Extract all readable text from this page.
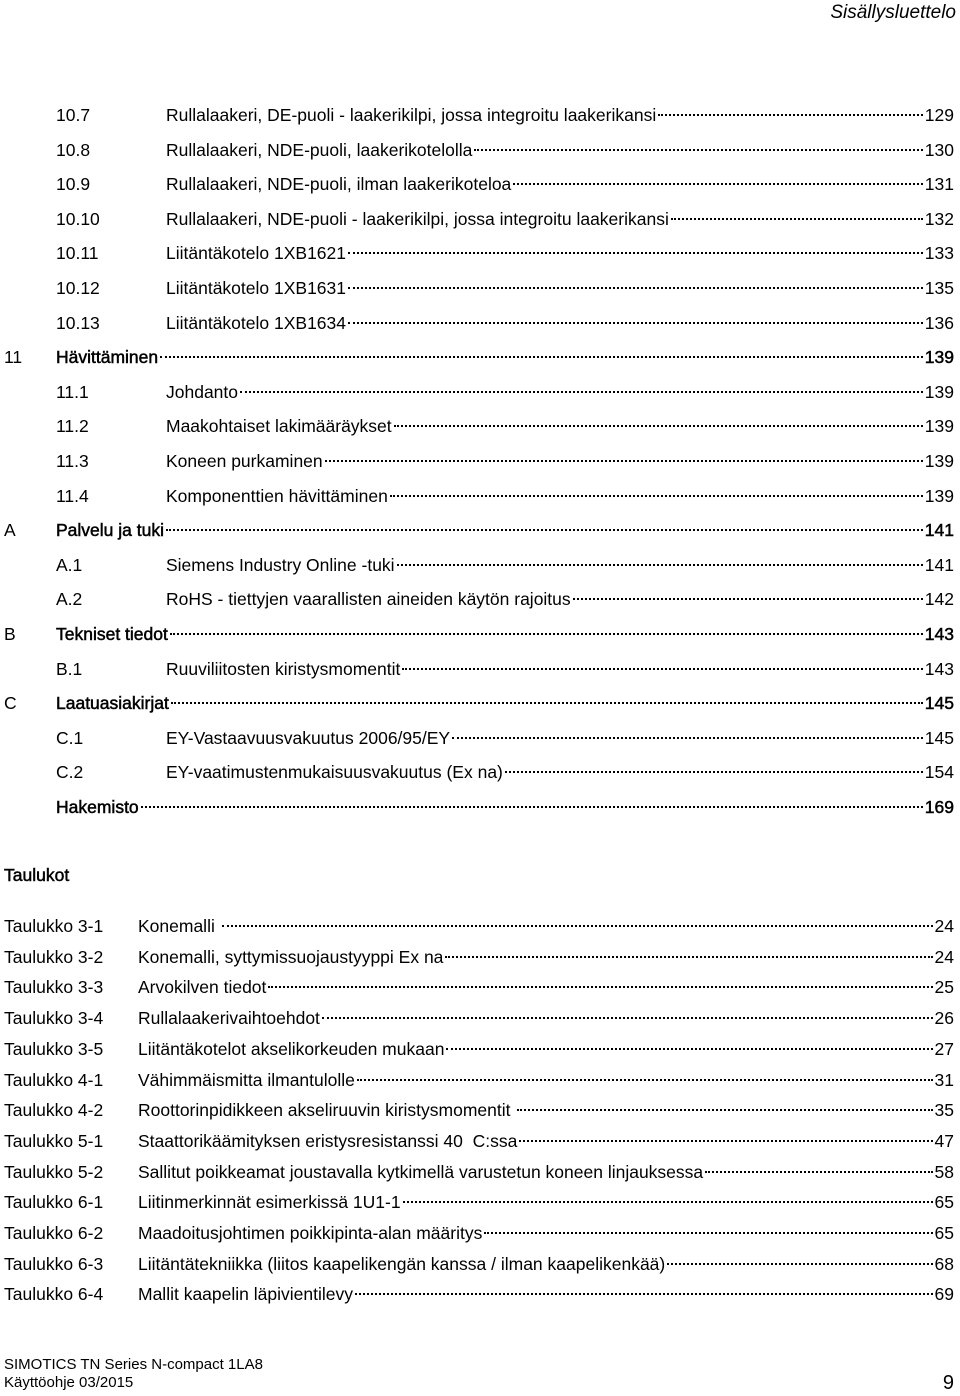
Sisällysluettelo
10.7	Rullalaakeri, DE-puoli - laakerikilpi, jossa integroitu laakerikansi	129
10.8	Rullalaakeri, NDE-puoli, laakerikotelolla	130
10.9	Rullalaakeri, NDE-puoli, ilman laakerikoteloa	131
10.10	Rullalaakeri, NDE-puoli - laakerikilpi, jossa integroitu laakerikansi	132
10.11	Liitäntäkotelo 1XB1621	133
10.12	Liitäntäkotelo 1XB1631	135
10.13	Liitäntäkotelo 1XB1634	136
11	Hävittäminen	139
11.1	Johdanto	139
11.2	Maakohtaiset lakimääräykset	139
11.3	Koneen purkaminen	139
11.4	Komponenttien hävittäminen	139
A	Palvelu ja tuki	141
A.1	Siemens Industry Online -tuki	141
A.2	RoHS - tiettyjen vaarallisten aineiden käytön rajoitus	142
B	Tekniset tiedot	143
B.1	Ruuviliitosten kiristysmomentit	143
C	Laatuasiakirjat	145
C.1	EY-Vastaavuusvakuutus 2006/95/EY	145
C.2	EY-vaatimustenmukaisuusvakuutus (Ex na)	154
Hakemisto	169
Taulukot
Taulukko 3-1	Konemalli	24
Taulukko 3-2	Konemalli, syttymissuojaustyyppi Ex na	24
Taulukko 3-3	Arvokilven tiedot	25
Taulukko 3-4	Rullalaakerivaihtoehdot	26
Taulukko 3-5	Liitäntäkotelot akselikorkeuden mukaan	27
Taulukko 4-1	Vähimmäismitta ilmantulolle	31
Taulukko 4-2	Roottorinpidikkeen akseliruuvin kiristysmomentit	35
Taulukko 5-1	Staattorikäämityksen eristysresistanssi 40  C:ssa	47
Taulukko 5-2	Sallitut poikkeamat joustavalla kytkimellä varustetun koneen linjauksessa	58
Taulukko 6-1	Liitinmerkinnät esimerkissä 1U1-1	65
Taulukko 6-2	Maadoitusjohtimen poikkipinta-alan määritys	65
Taulukko 6-3	Liitäntätekniikka (liitos kaapelikengän kanssa / ilman kaapelikenkää)	68
Taulukko 6-4	Mallit kaapelin läpivientilevy	69
SIMOTICS TN Series N-compact 1LA8
Käyttöohje 03/2015	9
